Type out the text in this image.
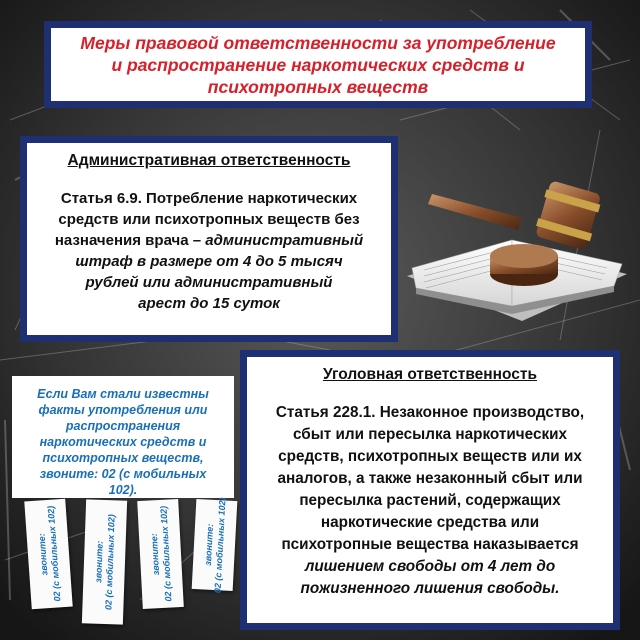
Меры правовой ответственности за употребление
и распространение наркотических средств и
психотропных веществ

Административная ответственность

Статья 6.9. Потребление наркотических
средств или психотропных веществ без
назначения врача – административный
штраф в размере от 4 до 5 тысяч
рублей или административный
арест до 15 суток

Если Вам стали известны
факты употребления или
распространения
наркотических средств и
психотропных веществ,
звоните: 02 (с мобильных 102).

звоните:
02 (с мобильных 102)	звоните:
02 (с мобильных 102)	звоните:
02 (с мобильных 102)	звоните:
02 (с мобильных 102)
Уголовная ответственность

Статья 228.1. Незаконное производство,
сбыт или пересылка наркотических
средств, психотропных веществ или их
аналогов, а также незаконный сбыт или
пересылка растений, содержащих
наркотические средства или
психотропные вещества наказывается
лишением свободы от 4 лет до
пожизненного лишения свободы.
